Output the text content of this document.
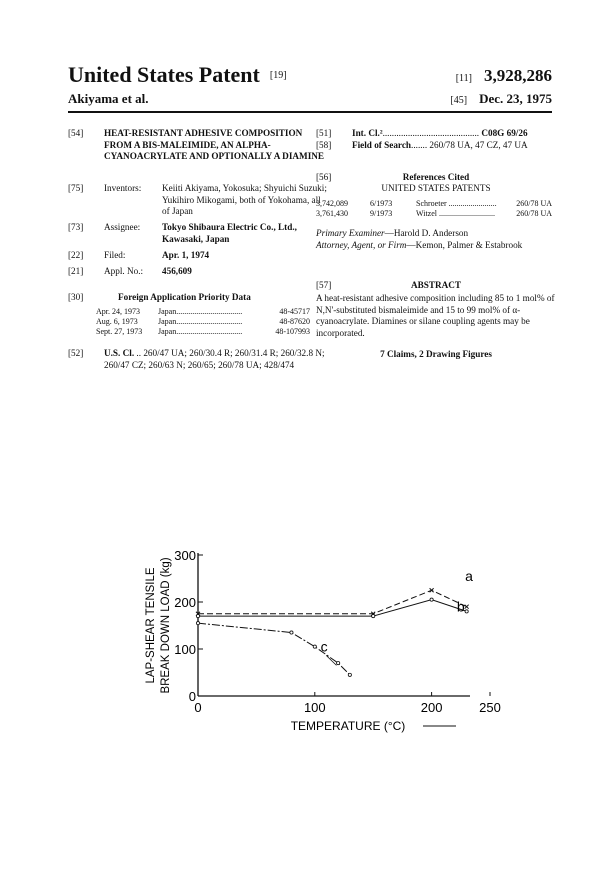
United States Patent [19]
Akiyama et al.
[11] 3,928,286
[45] Dec. 23, 1975
[54]	HEAT-RESISTANT ADHESIVE COMPOSITION FROM A BIS-MALEIMIDE, AN ALPHA-CYANOACRYLATE AND OPTIONALLY A DIAMINE
[75]	Inventors:	Keiiti Akiyama, Yokosuka; Shyuichi Suzuki; Yukihiro Mikogami, both of Yokohama, all of Japan
[73]	Assignee:	Tokyo Shibaura Electric Co., Ltd., Kawasaki, Japan
[22]	Filed:	Apr. 1, 1974
[21]	Appl. No.:	456,609
[30]	Foreign Application Priority Data
Apr. 24, 1973 Japan.................................	48-45717
Aug. 6, 1973	Japan.................................	48-87620
Sept. 27, 1973 Japan.................................	48-107993
[52]	U.S. Cl. .. 260/47 UA; 260/30.4 R; 260/31.4 R; 260/32.8 N; 260/47 CZ; 260/63 N; 260/65; 260/78 UA; 428/474
[51]	Int. Cl.².......................................... C08G 69/26
[58]	Field of Search....... 260/78 UA, 47 CZ, 47 UA
[56]	References Cited
UNITED STATES PATENTS
3,742,089	6/1973	Schroeter ........................	260/78 UA
3,761,430	9/1973	Witzel ............................	260/78 UA
Primary Examiner—Harold D. Anderson
Attorney, Agent, or Firm—Kemon, Palmer & Estabrook
[57]	ABSTRACT
A heat-resistant adhesive composition including 85 to 1 mol% of N,N'-substituted bismaleimide and 15 to 99 mol% of α-cyanoacrylate. Diamines or silane coupling agents may be incorporated.
7 Claims, 2 Drawing Figures
0
100
200
300
0	100	200	250
LAP-SHEAR TENSILE BREAK DOWN LOAD (kg)
TEMPERATURE (°C)
a
b
c
